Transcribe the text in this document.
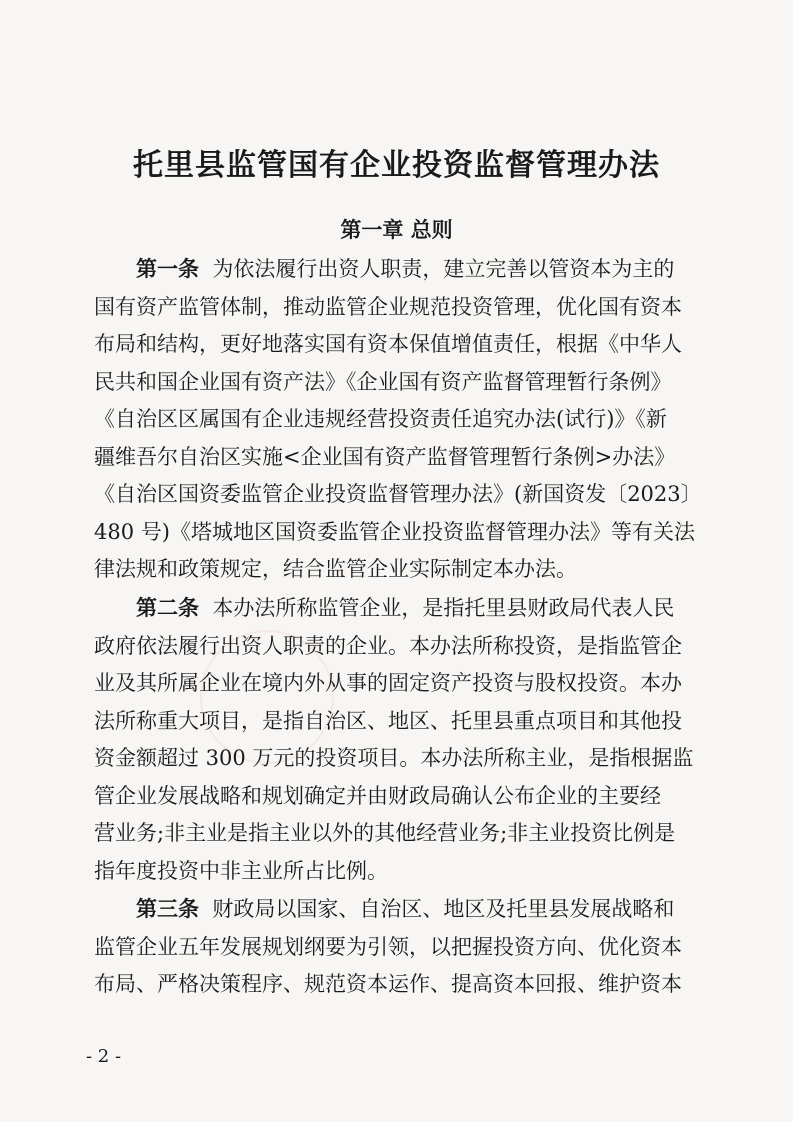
托里县监管国有企业投资监督管理办法
第一章 总则
第一条 为依法履行出资人职责，建立完善以管资本为主的
国有资产监管体制，推动监管企业规范投资管理，优化国有资本
布局和结构，更好地落实国有资本保值增值责任，根据《中华人
民共和国企业国有资产法》《企业国有资产监督管理暂行条例》
《自治区区属国有企业违规经营投资责任追究办法(试行)》《新
疆维吾尔自治区实施<企业国有资产监督管理暂行条例>办法》
《自治区国资委监管企业投资监督管理办法》(新国资发〔2023〕
480 号)《塔城地区国资委监管企业投资监督管理办法》等有关法
律法规和政策规定，结合监管企业实际制定本办法。
第二条 本办法所称监管企业，是指托里县财政局代表人民
政府依法履行出资人职责的企业。本办法所称投资，是指监管企
业及其所属企业在境内外从事的固定资产投资与股权投资。本办
法所称重大项目，是指自治区、地区、托里县重点项目和其他投
资金额超过 300 万元的投资项目。本办法所称主业，是指根据监
管企业发展战略和规划确定并由财政局确认公布企业的主要经
营业务;非主业是指主业以外的其他经营业务;非主业投资比例是
指年度投资中非主业所占比例。
第三条 财政局以国家、自治区、地区及托里县发展战略和
监管企业五年发展规划纲要为引领，以把握投资方向、优化资本
布局、严格决策程序、规范资本运作、提高资本回报、维护资本

- 2 -
